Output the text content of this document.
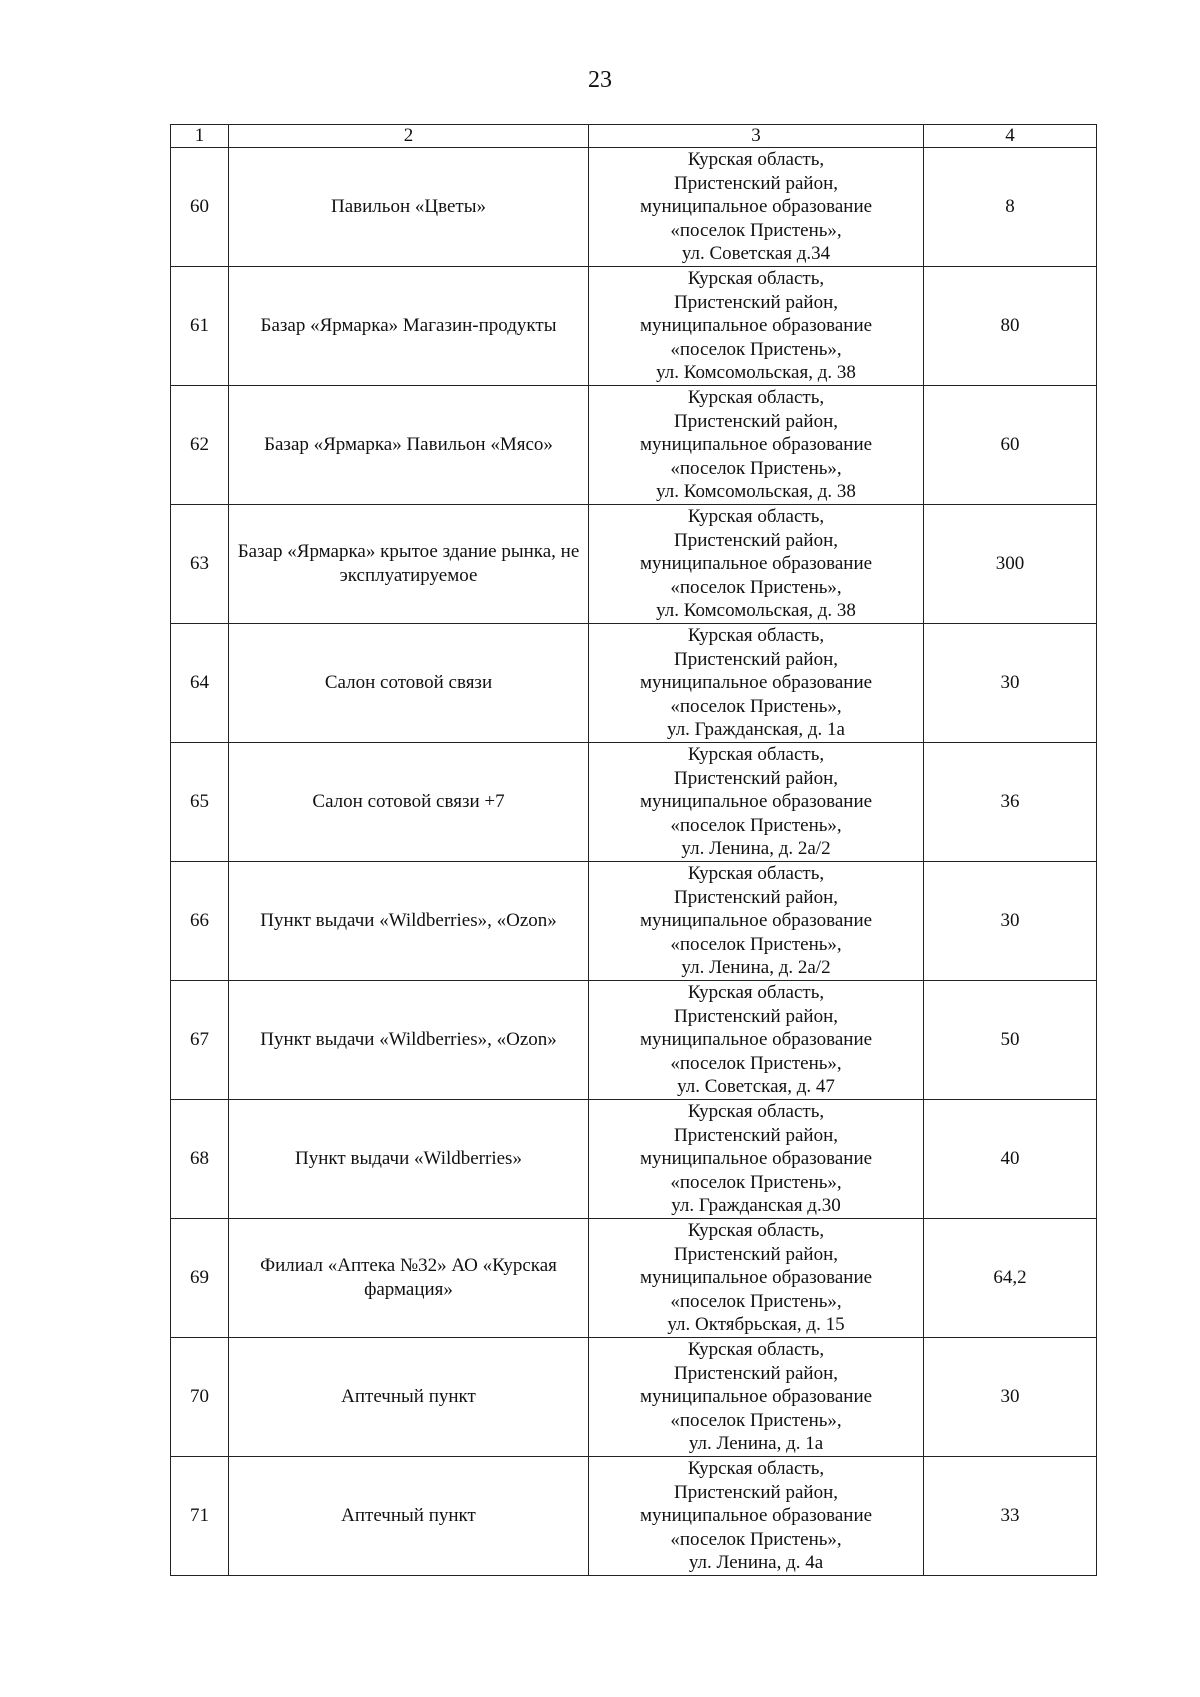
23
1	2	3	4
60	Павильон «Цветы»	Курская область,
Пристенский район,
муниципальное образование
«поселок Пристень»,
ул. Советская д.34	8
61	Базар «Ярмарка» Магазин-продукты	Курская область,
Пристенский район,
муниципальное образование
«поселок Пристень»,
ул. Комсомольская, д. 38	80
62	Базар «Ярмарка» Павильон «Мясо»	Курская область,
Пристенский район,
муниципальное образование
«поселок Пристень»,
ул. Комсомольская, д. 38	60
63	Базар «Ярмарка» крытое здание рынка, не эксплуатируемое	Курская область,
Пристенский район,
муниципальное образование
«поселок Пристень»,
ул. Комсомольская, д. 38	300
64	Салон сотовой связи	Курская область,
Пристенский район,
муниципальное образование
«поселок Пристень»,
ул. Гражданская, д. 1а	30
65	Салон сотовой связи +7	Курская область,
Пристенский район,
муниципальное образование
«поселок Пристень»,
ул. Ленина, д. 2а/2	36
66	Пункт выдачи «Wildberries», «Ozon»	Курская область,
Пристенский район,
муниципальное образование
«поселок Пристень»,
ул. Ленина, д. 2а/2	30
67	Пункт выдачи «Wildberries», «Ozon»	Курская область,
Пристенский район,
муниципальное образование
«поселок Пристень»,
ул. Советская, д. 47	50
68	Пункт выдачи «Wildberries»	Курская область,
Пристенский район,
муниципальное образование
«поселок Пристень»,
ул. Гражданская д.30	40
69	Филиал «Аптека №32» АО «Курская фармация»	Курская область,
Пристенский район,
муниципальное образование
«поселок Пристень»,
ул. Октябрьская, д. 15	64,2
70	Аптечный пункт	Курская область,
Пристенский район,
муниципальное образование
«поселок Пристень»,
ул. Ленина, д. 1а	30
71	Аптечный пункт	Курская область,
Пристенский район,
муниципальное образование
«поселок Пристень»,
ул. Ленина, д. 4а	33
